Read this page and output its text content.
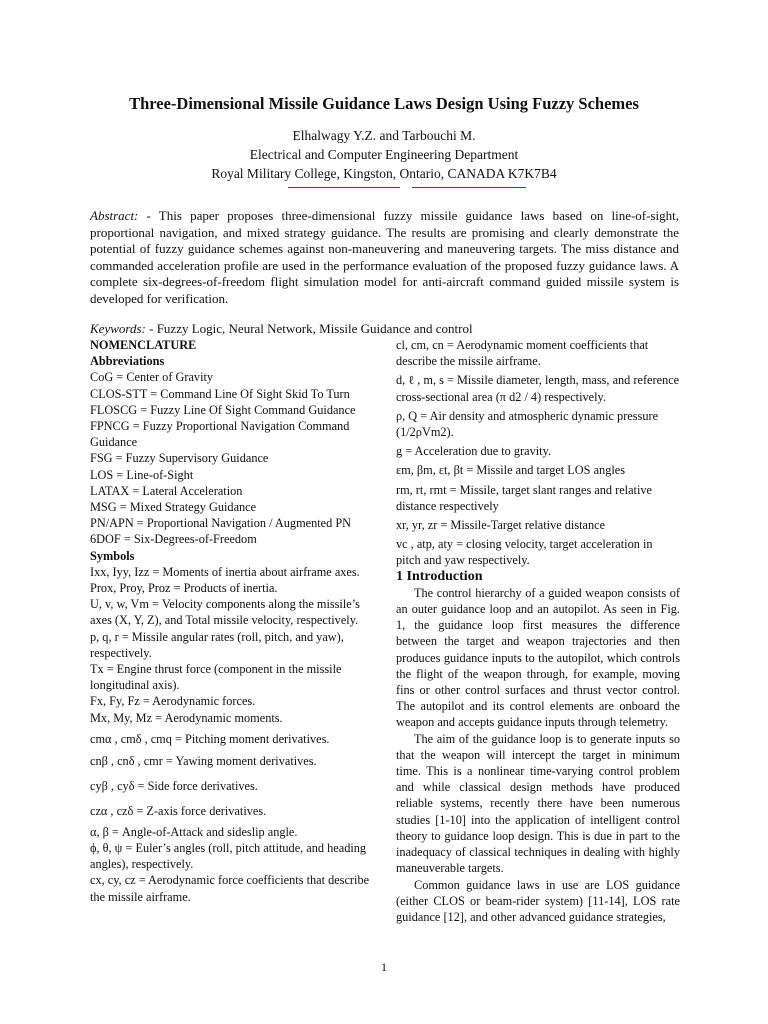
Three-Dimensional Missile Guidance Laws Design Using Fuzzy Schemes
Elhalwagy Y.Z. and Tarbouchi M.
Electrical and Computer Engineering Department
Royal Military College, Kingston, Ontario, CANADA K7K7B4
Abstract: - This paper proposes three-dimensional fuzzy missile guidance laws based on line-of-sight, proportional navigation, and mixed strategy guidance. The results are promising and clearly demonstrate the potential of fuzzy guidance schemes against non-maneuvering and maneuvering targets. The miss distance and commanded acceleration profile are used in the performance evaluation of the proposed fuzzy guidance laws. A complete six-degrees-of-freedom flight simulation model for anti-aircraft command guided missile system is developed for verification.
Keywords: - Fuzzy Logic, Neural Network, Missile Guidance and control
NOMENCLATURE
Abbreviations
CoG = Center of Gravity
CLOS-STT = Command Line Of Sight Skid To Turn
FLOSCG = Fuzzy Line Of Sight Command Guidance
FPNCG = Fuzzy Proportional Navigation Command Guidance
FSG = Fuzzy Supervisory Guidance
LOS = Line-of-Sight
LATAX = Lateral Acceleration
MSG = Mixed Strategy Guidance
PN/APN = Proportional Navigation / Augmented PN
6DOF = Six-Degrees-of-Freedom
Symbols
Ixx, Iyy, Izz = Moments of inertia about airframe axes.
Prox, Proy, Proz = Products of inertia.
U, v, w, Vm = Velocity components along the missile’s axes (X, Y, Z), and Total missile velocity, respectively.
p, q, r = Missile angular rates (roll, pitch, and yaw), respectively.
Tx = Engine thrust force (component in the missile longitudinal axis).
Fx, Fy, Fz = Aerodynamic forces.
Mx, My, Mz = Aerodynamic moments.
cmα , cmδ , cmq = Pitching moment derivatives.
cnβ , cnδ , cmr = Yawing moment derivatives.
cyβ , cyδ = Side force derivatives.
czα , czδ = Z-axis force derivatives.
α, β = Angle-of-Attack and sideslip angle.
ϕ, θ, ψ = Euler’s angles (roll, pitch attitude, and heading angles), respectively.
cx, cy, cz = Aerodynamic force coefficients that describe the missile airframe.
cl, cm, cn = Aerodynamic moment coefficients that describe the missile airframe.
d, ℓ , m, s = Missile diameter, length, mass, and reference cross-sectional area (π d2 / 4) respectively.
ρ, Q = Air density and atmospheric dynamic pressure (1/2ρVm2).
g = Acceleration due to gravity.
εm, βm, εt, βt = Missile and target LOS angles
rm, rt, rmt = Missile, target slant ranges and relative distance respectively
xr, yr, zr = Missile-Target relative distance
vc , atp, aty = closing velocity, target acceleration in pitch and yaw respectively.
1 Introduction
The control hierarchy of a guided weapon consists of an outer guidance loop and an autopilot. As seen in Fig. 1, the guidance loop first measures the difference between the target and weapon trajectories and then produces guidance inputs to the autopilot, which controls the flight of the weapon through, for example, moving fins or other control surfaces and thrust vector control. The autopilot and its control elements are onboard the weapon and accepts guidance inputs through telemetry.
The aim of the guidance loop is to generate inputs so that the weapon will intercept the target in minimum time. This is a nonlinear time-varying control problem and while classical design methods have produced reliable systems, recently there have been numerous studies [1-10] into the application of intelligent control theory to guidance loop design. This is due in part to the inadequacy of classical techniques in dealing with highly maneuverable targets.
Common guidance laws in use are LOS guidance (either CLOS or beam-rider system) [11-14], LOS rate guidance [12], and other advanced guidance strategies,
1
